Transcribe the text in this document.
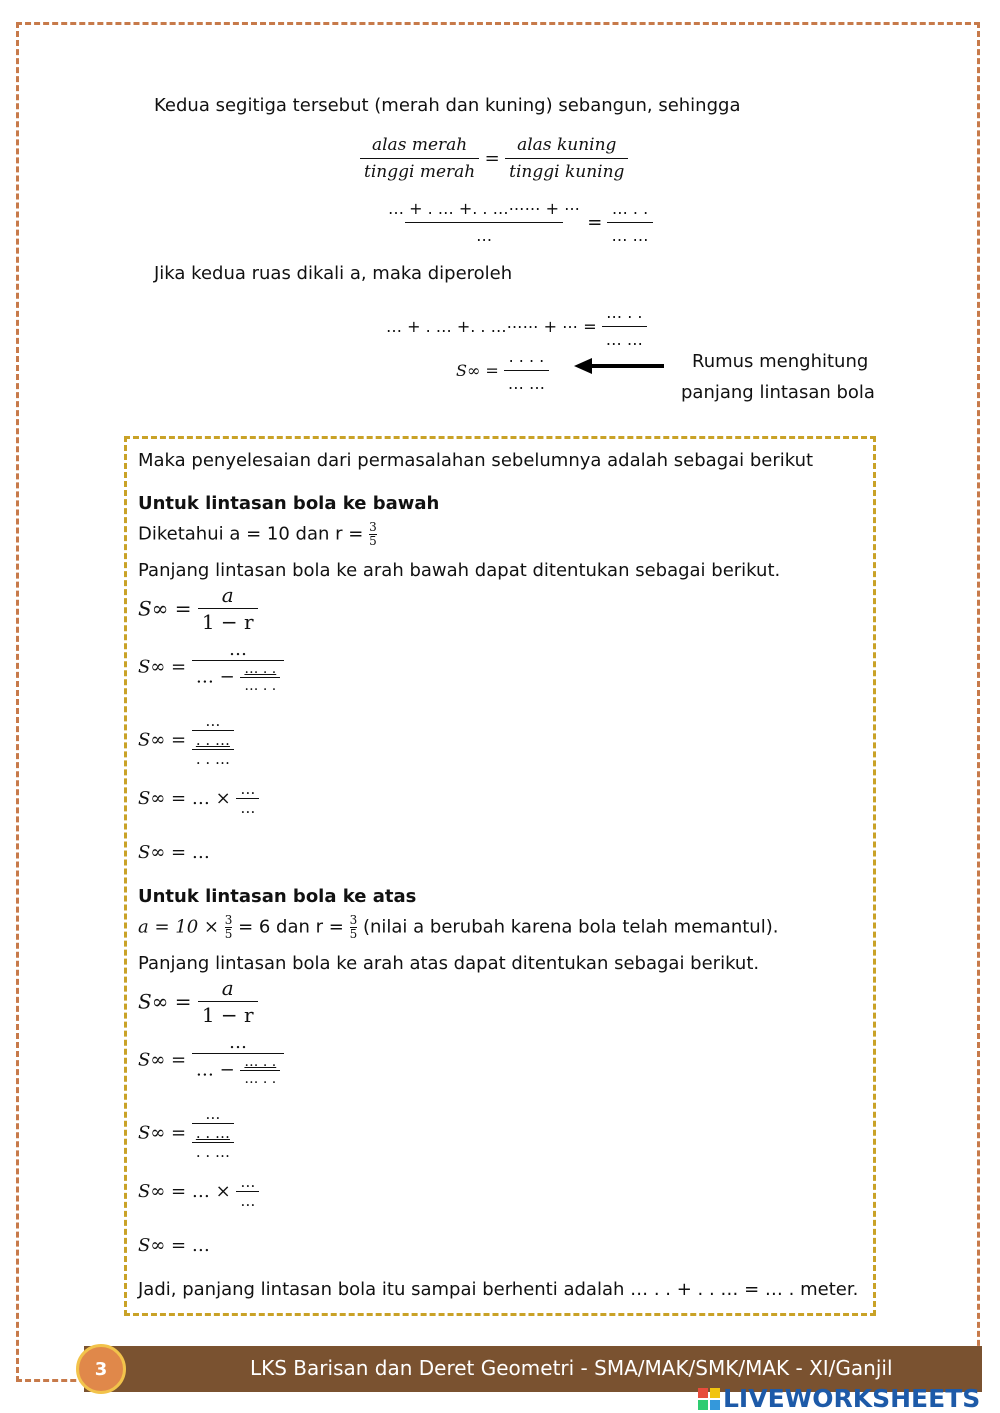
Kedua segitiga tersebut (merah dan kuning) sebangun, sehingga
$\frac{\text{alas merah}}{\text{tinggi merah}} = \frac{\text{alas kuning}}{\text{tinggi kuning}}$
$\frac{\dots + . \dots +. . \dots\cdots\cdots + \cdots}{\dots} = \frac{\dots . .}{\dots \dots}$
Jika kedua ruas dikali a, maka diperoleh
… + . … +. . …⋯⋯ + ⋯ = $\frac{\dots . .}{\dots \dots}$
$S\infty = \frac{. . . .}{\dots \dots}$	Rumus menghitung
panjang lintasan bola
Maka penyelesaian dari permasalahan sebelumnya adalah sebagai berikut
Untuk lintasan bola ke bawah
Diketahui a = 10 dan $r = \frac{3}{5}$
Panjang lintasan bola ke arah bawah dapat ditentukan sebagai berikut.
$S\infty = \frac{a}{1 - r}$
$S\infty = \frac{\dots}{\dots - \frac{\dots . .}{\dots . .}}$
S∞ =
…
. . …
. . …
S∞ = … × $\frac{\dots}{\dots}$
S∞ = …
Untuk lintasan bola ke atas
$a = 10 \times \frac{3}{5} = 6$ dan $r = \frac{3}{5}$ (nilai a berubah karena bola telah memantul).
Panjang lintasan bola ke arah atas dapat ditentukan sebagai berikut.
$S\infty = \frac{a}{1 - r}$
$S\infty = \frac{\dots}{\dots - \frac{\dots . .}{\dots . .}}$
S∞ =
…
. . …
. . …
S∞ = … × $\frac{\dots}{\dots}$
S∞ = …
Jadi, panjang lintasan bola itu sampai berhenti adalah … . . + . . … = … . meter.
3	LKS Barisan dan Deret Geometri - SMA/MAK/SMK/MAK - XI/Ganjil
LIVEWORKSHEETS
